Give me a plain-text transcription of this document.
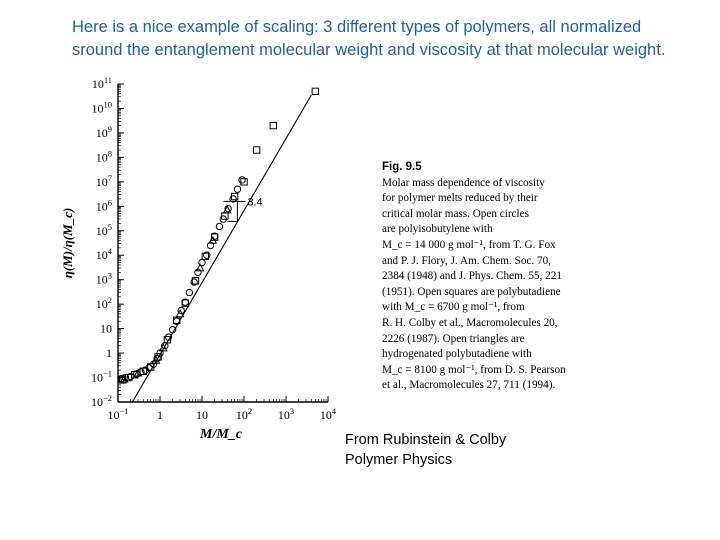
Here is a nice example of scaling: 3 different types of polymers, all normalized
sround the entanglement molecular weight and viscosity at that molecular weight.
$10^{-2}$
$10^{-1}$
1
10
$10^2$
$10^3$
$10^4$
$10^5$
$10^6$
$10^7$
$10^8$
$10^9$
$10^{10}$
$10^{11}$
$10^{-1}$ 1	10 $10^2$ $10^3$ $10^4$
M/M_c
η(M)/η(M_c)
3.4
Fig. 9.5
Molar mass dependence of viscosity
for polymer melts reduced by their
critical molar mass. Open circles
are polyisobutylene with
M_c = 14 000 g mol⁻¹, from T. G. Fox
and P. J. Flory, J. Am. Chem. Soc. 70,
2384 (1948) and J. Phys. Chem. 55, 221
(1951). Open squares are polybutadiene
with M_c = 6700 g mol⁻¹, from
R. H. Colby et al., Macromolecules 20,
2226 (1987). Open triangles are
hydrogenated polybutadiene with
M_c = 8100 g mol⁻¹, from D. S. Pearson
et al., Macromolecules 27, 711 (1994).
From Rubinstein & Colby
Polymer Physics
